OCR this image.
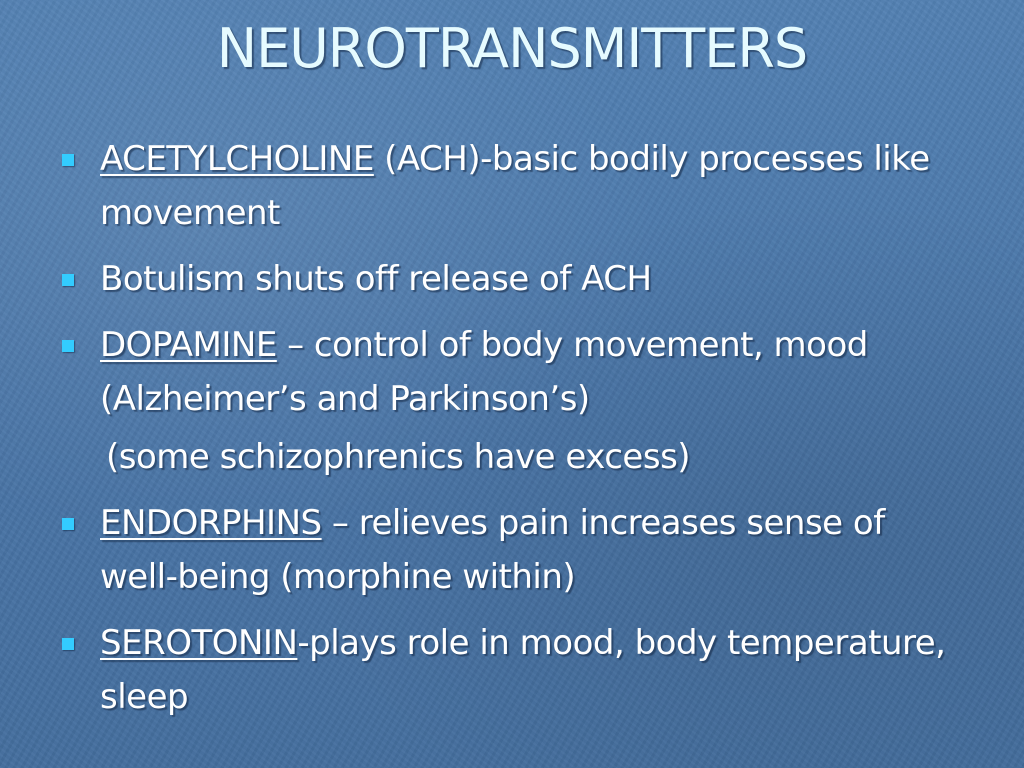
NEUROTRANSMITTERS
ACETYLCHOLINE (ACH)-basic bodily processes like movement
Botulism shuts off release of ACH
DOPAMINE – control of body movement, mood (Alzheimer’s and Parkinson’s)
(some schizophrenics have excess)
ENDORPHINS – relieves pain increases sense of well-being (morphine within)
SEROTONIN-plays role in mood, body temperature, sleep
